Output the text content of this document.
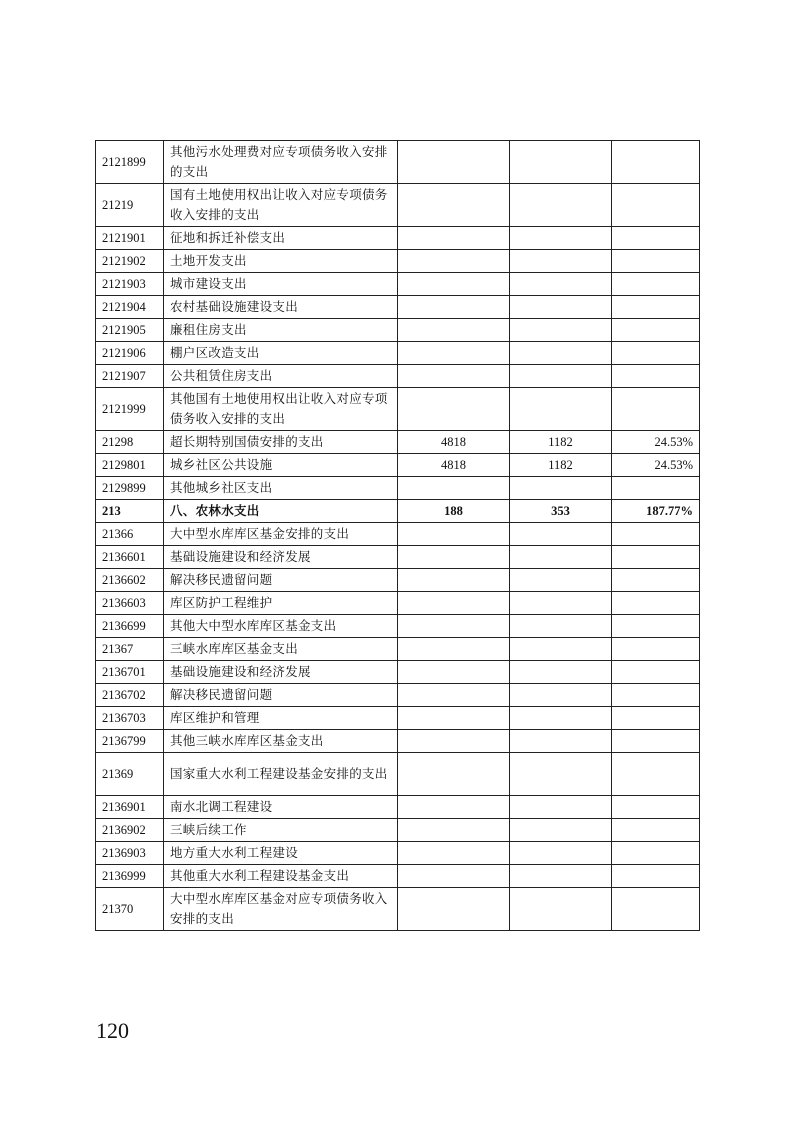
2121899	其他污水处理费对应专项债务收入安排的支出			
21219	国有土地使用权出让收入对应专项债务收入安排的支出			
2121901	征地和拆迁补偿支出			
2121902	土地开发支出			
2121903	城市建设支出			
2121904	农村基础设施建设支出			
2121905	廉租住房支出			
2121906	棚户区改造支出			
2121907	公共租赁住房支出			
2121999	其他国有土地使用权出让收入对应专项债务收入安排的支出			
21298	超长期特别国债安排的支出	4818	1182	24.53%
2129801	城乡社区公共设施	4818	1182	24.53%
2129899	其他城乡社区支出			
213	八、农林水支出	188	353	187.77%
21366	大中型水库库区基金安排的支出			
2136601	基础设施建设和经济发展			
2136602	解决移民遗留问题			
2136603	库区防护工程维护			
2136699	其他大中型水库库区基金支出			
21367	三峡水库库区基金支出			
2136701	基础设施建设和经济发展			
2136702	解决移民遗留问题			
2136703	库区维护和管理			
2136799	其他三峡水库库区基金支出			
21369	国家重大水利工程建设基金安排的支出			
2136901	南水北调工程建设			
2136902	三峡后续工作			
2136903	地方重大水利工程建设			
2136999	其他重大水利工程建设基金支出			
21370	大中型水库库区基金对应专项债务收入安排的支出			
120
